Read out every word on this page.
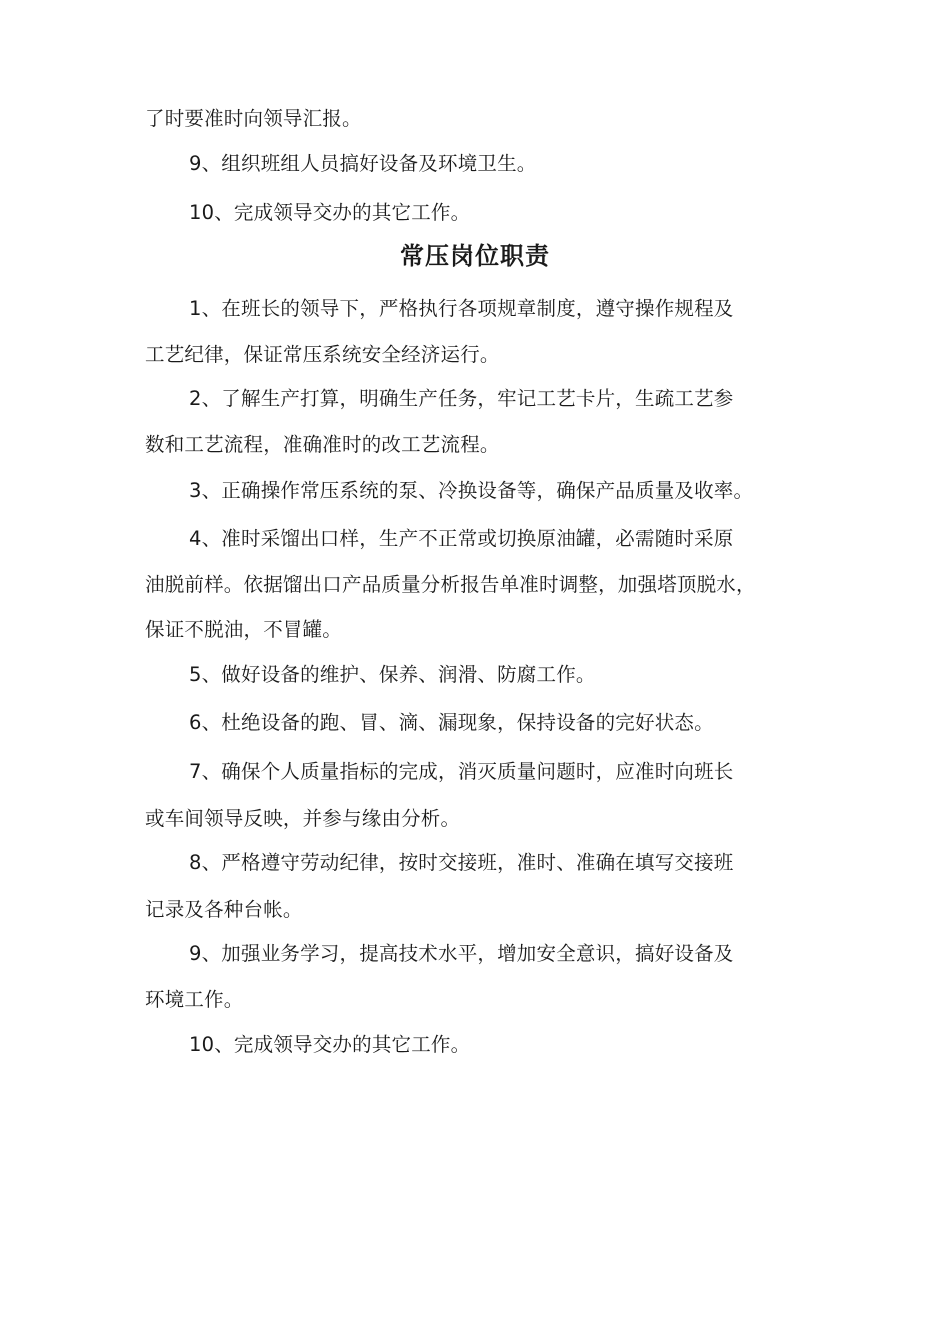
了时要准时向领导汇报。
9、组织班组人员搞好设备及环境卫生。
10、完成领导交办的其它工作。
常压岗位职责
1、在班长的领导下，严格执行各项规章制度，遵守操作规程及
工艺纪律，保证常压系统安全经济运行。
2、了解生产打算，明确生产任务，牢记工艺卡片，生疏工艺参
数和工艺流程，准确准时的改工艺流程。
3、正确操作常压系统的泵、冷换设备等，确保产品质量及收率。
4、准时采馏出口样，生产不正常或切换原油罐，必需随时采原
油脱前样。依据馏出口产品质量分析报告单准时调整，加强塔顶脱水，
保证不脱油，不冒罐。
5、做好设备的维护、保养、润滑、防腐工作。
6、杜绝设备的跑、冒、滴、漏现象，保持设备的完好状态。
7、确保个人质量指标的完成，消灭质量问题时，应准时向班长
或车间领导反映，并参与缘由分析。
8、严格遵守劳动纪律，按时交接班，准时、准确在填写交接班
记录及各种台帐。
9、加强业务学习，提高技术水平，增加安全意识，搞好设备及
环境工作。
10、完成领导交办的其它工作。
